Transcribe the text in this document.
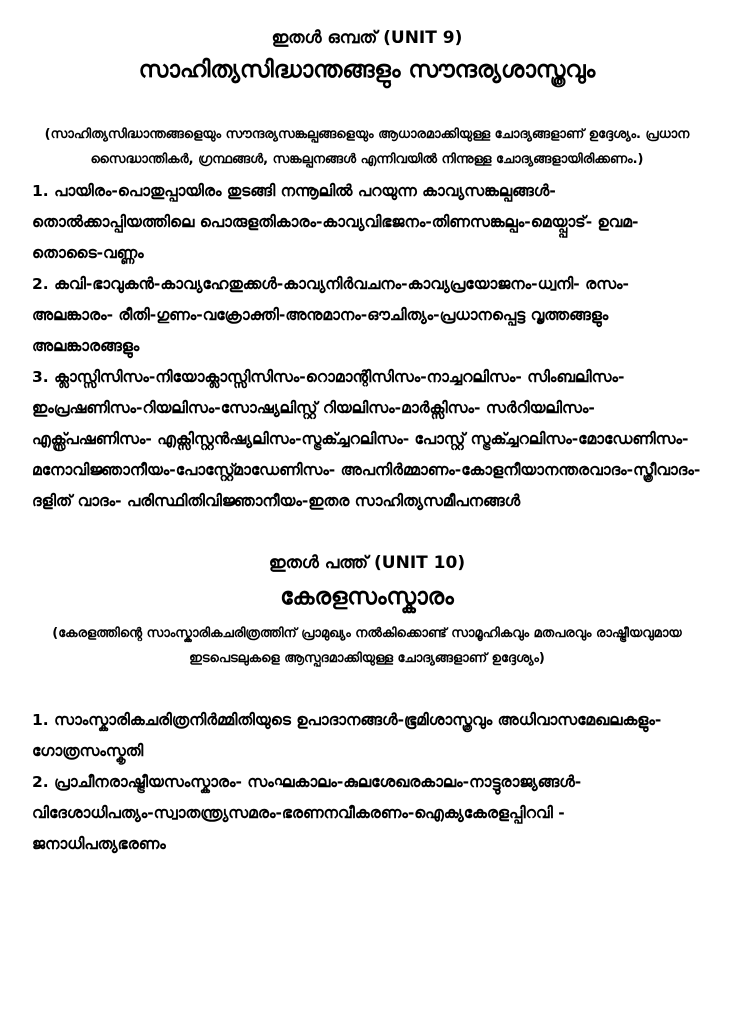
ഇതൾ ഒമ്പത് (UNIT 9)
സാഹിത്യസിദ്ധാന്തങ്ങളും സൗന്ദര്യശാസ്ത്രവും
(സാഹിത്യസിദ്ധാന്തങ്ങളെയും സൗന്ദര്യസങ്കല്പങ്ങളെയും ആധാരമാക്കിയുള്ള ചോദ്യങ്ങളാണ് ഉദ്ദേശ്യം. പ്രധാന സൈദ്ധാന്തികർ, ഗ്രന്ഥങ്ങൾ, സങ്കല്പനങ്ങൾ എന്നിവയിൽ നിന്നുള്ള ചോദ്യങ്ങളായിരിക്കണം.)

1. പായിരം-പൊതുപ്പായിരം തുടങ്ങി നന്നൂലിൽ പറയുന്ന കാവ്യസങ്കല്പങ്ങൾ- തൊൽക്കാപ്പിയത്തിലെ പൊരുളതികാരം-കാവ്യവിഭജനം-തിണസങ്കല്പം-മെയ്പ്പാട്- ഉവമ-തൊടൈ-വണ്ണം

2. കവി-ഭാവുകൻ-കാവ്യഹേതുക്കൾ-കാവ്യനിർവചനം-കാവ്യപ്രയോജനം-ധ്വനി- രസം-അലങ്കാരം- രീതി-ഗുണം-വക്രോക്തി-അനുമാനം-ഔചിത്യം-പ്രധാനപ്പെട്ട വൃത്തങ്ങളും അലങ്കാരങ്ങളും

3. ക്ലാസ്സിസിസം-നിയോക്ലാസ്സിസിസം-റൊമാന്റിസിസം-നാച്ചറലിസം- സിംബലിസം-ഇംപ്രഷണിസം-റിയലിസം-സോഷ്യലിസ്റ്റ് റിയലിസം-മാർക്സിസം- സർറിയലിസം-എക്സ്പ്രഷണിസം- എക്സിസ്റ്റൻഷ്യലിസം-സ്ട്രക്ച്ചറലിസം- പോസ്റ്റ് സ്ട്രക്ച്ചറലിസം-മോഡേണിസം- മനോവിജ്ഞാനീയം-പോസ്റ്റ്മോഡേണിസം- അപനിർമ്മാണം-കോളനീയാനന്തരവാദം-സ്ത്രീവാദം- ദളിത് വാദം- പരിസ്ഥിതിവിജ്ഞാനീയം-ഇതര സാഹിത്യസമീപനങ്ങൾ

ഇതൾ പത്ത് (UNIT 10)
കേരളസംസ്കാരം
(കേരളത്തിന്റെ സാംസ്കാരികചരിത്രത്തിന് പ്രാമുഖ്യം നൽകിക്കൊണ്ട് സാമൂഹികവും മതപരവും രാഷ്ട്രീയവുമായ ഇടപെടലുകളെ ആസ്പദമാക്കിയുള്ള ചോദ്യങ്ങളാണ് ഉദ്ദേശ്യം)

1. സാംസ്കാരികചരിത്രനിർമ്മിതിയുടെ ഉപാദാനങ്ങൾ-ഭൂമിശാസ്ത്രവും അധിവാസമേഖലകളും-ഗോത്രസംസ്കൃതി

2. പ്രാചീനരാഷ്ട്രീയസംസ്കാരം- സംഘകാലം-കുലശേഖരകാലം-നാട്ടുരാജ്യങ്ങൾ- വിദേശാധിപത്യം-സ്വാതന്ത്ര്യസമരം-ഭരണനവീകരണം-ഐക്യകേരളപ്പിറവി - ജനാധിപത്യഭരണം
